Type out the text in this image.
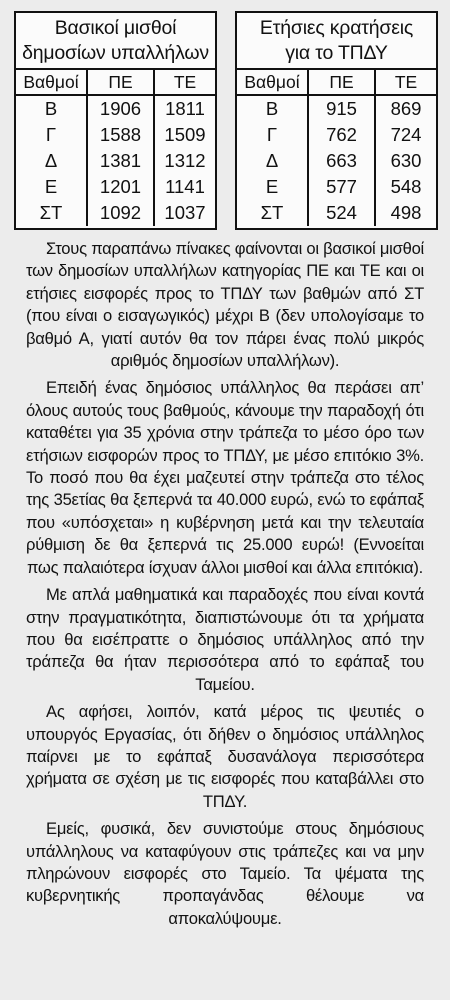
Βασικοί μισθοί
δημοσίων υπαλλήλων
Βαθμοί	ΠΕ	ΤΕ
Β	1906	1811
Γ	1588	1509
Δ	1381	1312
Ε	1201	1141
ΣΤ	1092	1037
Ετήσιες κρατήσεις
για το ΤΠΔΥ
Βαθμοί	ΠΕ	ΤΕ
Β	915	869
Γ	762	724
Δ	663	630
Ε	577	548
ΣΤ	524	498

Στους παραπάνω πίνακες φαίνονται οι βασικοί μισθοί των δημοσίων υπαλλήλων κατηγορίας ΠΕ και ΤΕ και οι ετήσιες εισφορές προς το ΤΠΔΥ των βαθμών από ΣΤ (που είναι ο εισαγωγικός) μέχρι Β (δεν υπολογίσαμε το βαθμό Α, γιατί αυτόν θα τον πάρει ένας πολύ μικρός αριθμός δημοσίων υπαλλήλων).

Επειδή ένας δημόσιος υπάλληλος θα περάσει απ’ όλους αυτούς τους βαθμούς, κάνουμε την παραδοχή ότι καταθέτει για 35 χρόνια στην τράπεζα το μέσο όρο των ετήσιων εισφορών προς το ΤΠΔΥ, με μέσο επιτόκιο 3%. Το ποσό που θα έχει μαζευτεί στην τράπεζα στο τέλος της 35ετίας θα ξεπερνά τα 40.000 ευρώ, ενώ το εφάπαξ που «υπόσχεται» η κυβέρνηση μετά και την τελευταία ρύθμιση δε θα ξεπερνά τις 25.000 ευρώ! (Εννοείται πως παλαιότερα ίσχυαν άλλοι μισθοί και άλλα επιτόκια).

Με απλά μαθηματικά και παραδοχές που είναι κοντά στην πραγματικότητα, διαπιστώνουμε ότι τα χρήματα που θα εισέπραττε ο δημόσιος υπάλληλος από την τράπεζα θα ήταν περισσότερα από το εφάπαξ του Ταμείου.

Ας αφήσει, λοιπόν, κατά μέρος τις ψευτιές ο υπουργός Εργασίας, ότι δήθεν ο δημόσιος υπάλληλος παίρνει με το εφάπαξ δυσανάλογα περισσότερα χρήματα σε σχέση με τις εισφορές που καταβάλλει στο ΤΠΔΥ.

Εμείς, φυσικά, δεν συνιστούμε στους δημόσιους υπάλληλους να καταφύγουν στις τράπεζες και να μην πληρώνουν εισφορές στο Ταμείο. Τα ψέματα της κυβερνητικής προπαγάνδας θέλουμε να αποκαλύψουμε.
